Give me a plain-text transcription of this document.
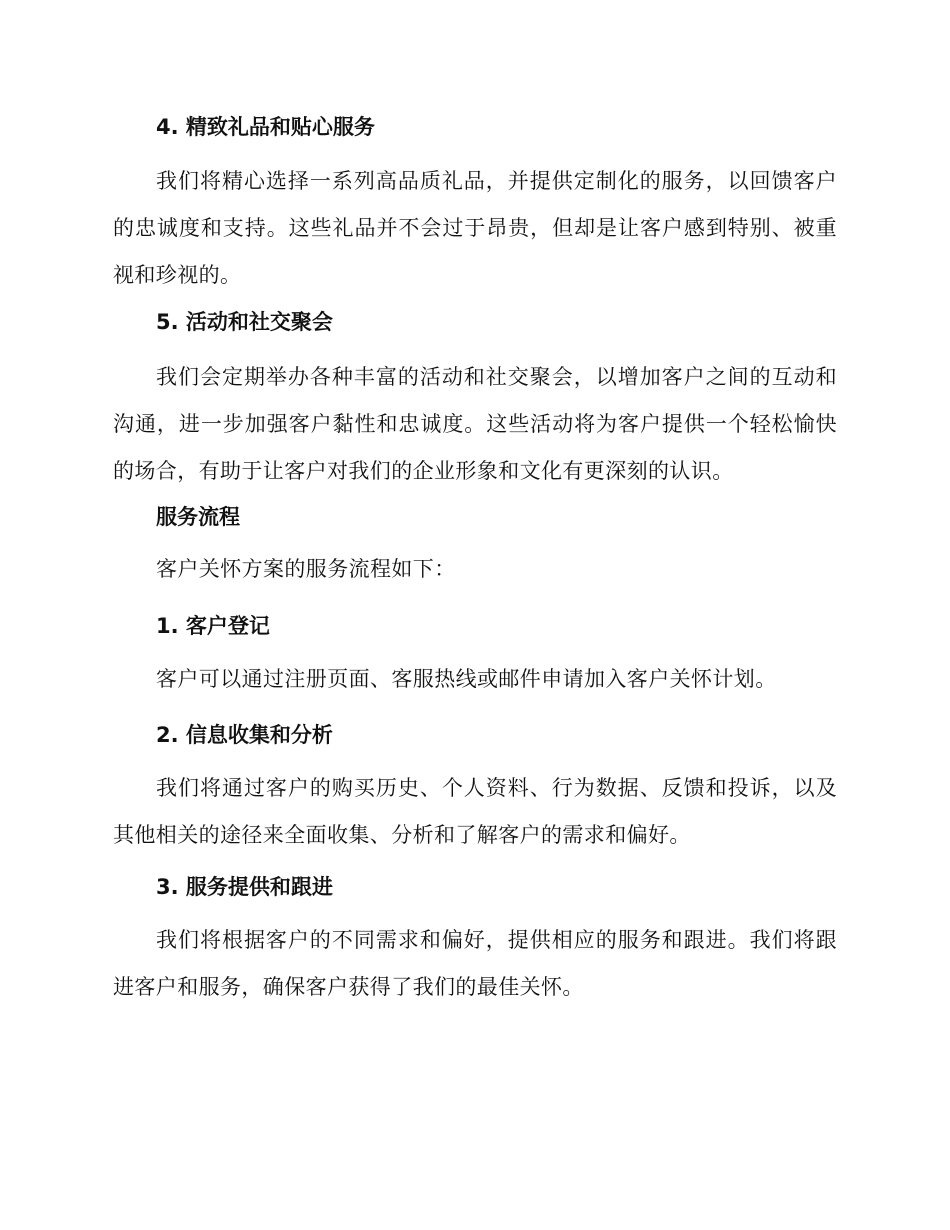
4. 精致礼品和贴心服务

我们将精心选择一系列高品质礼品，并提供定制化的服务，以回馈客户的忠诚度和支持。这些礼品并不会过于昂贵，但却是让客户感到特别、被重视和珍视的。

5. 活动和社交聚会

我们会定期举办各种丰富的活动和社交聚会，以增加客户之间的互动和沟通，进一步加强客户黏性和忠诚度。这些活动将为客户提供一个轻松愉快的场合，有助于让客户对我们的企业形象和文化有更深刻的认识。

服务流程

客户关怀方案的服务流程如下：

1. 客户登记

客户可以通过注册页面、客服热线或邮件申请加入客户关怀计划。

2. 信息收集和分析

我们将通过客户的购买历史、个人资料、行为数据、反馈和投诉，以及其他相关的途径来全面收集、分析和了解客户的需求和偏好。

3. 服务提供和跟进

我们将根据客户的不同需求和偏好，提供相应的服务和跟进。我们将跟进客户和服务，确保客户获得了我们的最佳关怀。
